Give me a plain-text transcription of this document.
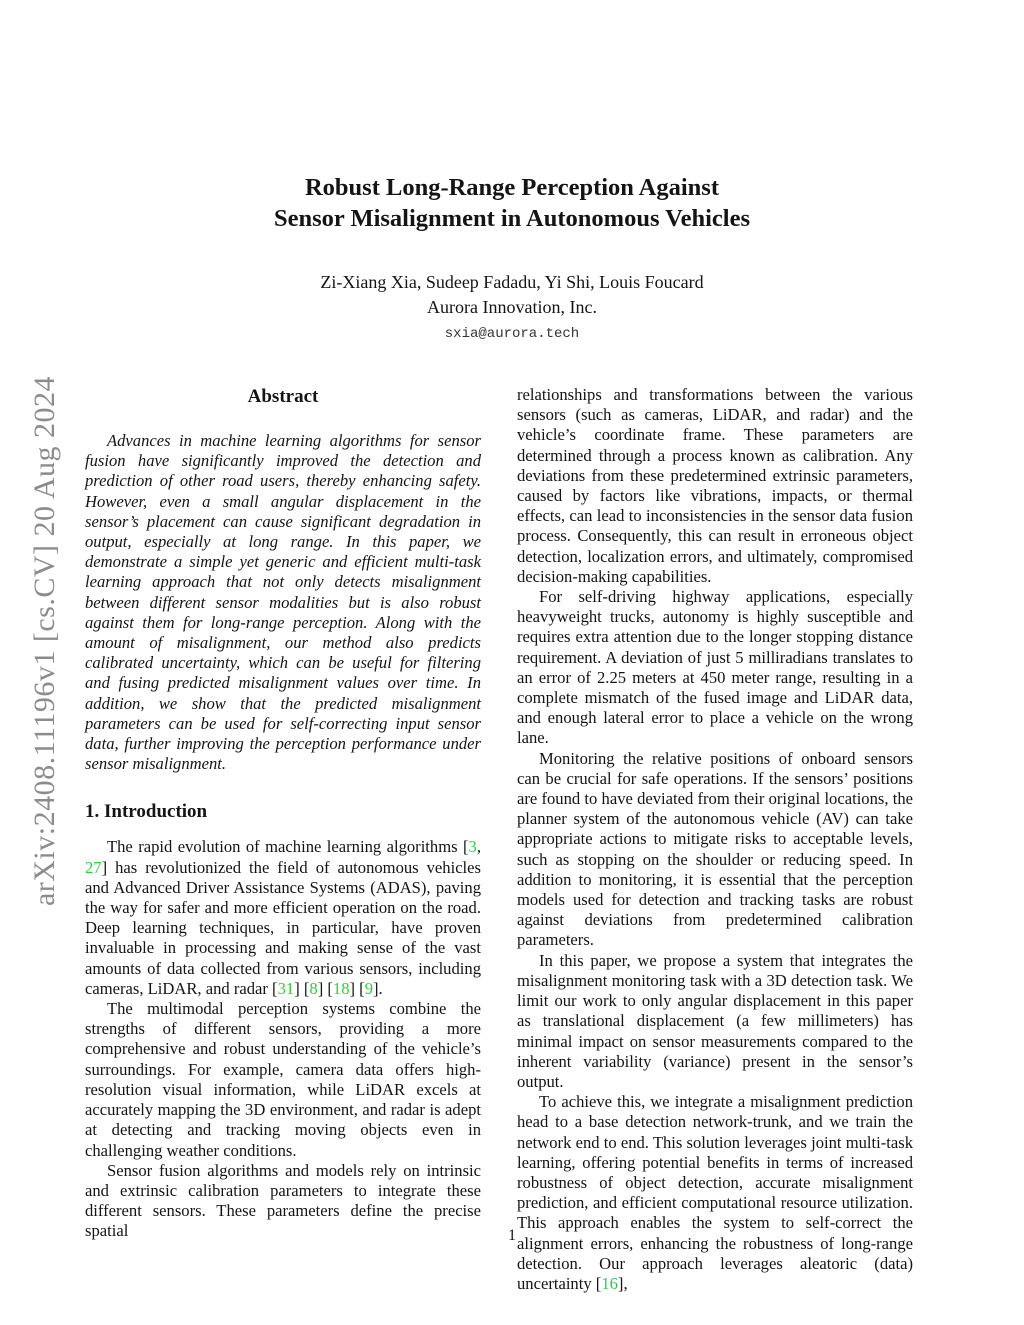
arXiv:2408.11196v1 [cs.CV] 20 Aug 2024
Robust Long-Range Perception Against
Sensor Misalignment in Autonomous Vehicles
Zi-Xiang Xia, Sudeep Fadadu, Yi Shi, Louis Foucard
Aurora Innovation, Inc.
sxia@aurora.tech
Abstract

Advances in machine learning algorithms for sensor fusion have significantly improved the detection and prediction of other road users, thereby enhancing safety. However, even a small angular displacement in the sensor’s placement can cause significant degradation in output, especially at long range. In this paper, we demonstrate a simple yet generic and efficient multi-task learning approach that not only detects misalignment between different sensor modalities but is also robust against them for long-range perception. Along with the amount of misalignment, our method also predicts calibrated uncertainty, which can be useful for filtering and fusing predicted misalignment values over time. In addition, we show that the predicted misalignment parameters can be used for self-correcting input sensor data, further improving the perception performance under sensor misalignment.

1. Introduction

The rapid evolution of machine learning algorithms [3, 27] has revolutionized the field of autonomous vehicles and Advanced Driver Assistance Systems (ADAS), paving the way for safer and more efficient operation on the road. Deep learning techniques, in particular, have proven invaluable in processing and making sense of the vast amounts of data collected from various sensors, including cameras, LiDAR, and radar [31] [8] [18] [9].

The multimodal perception systems combine the strengths of different sensors, providing a more comprehensive and robust understanding of the vehicle’s surroundings. For example, camera data offers high-resolution visual information, while LiDAR excels at accurately mapping the 3D environment, and radar is adept at detecting and tracking moving objects even in challenging weather conditions.

Sensor fusion algorithms and models rely on intrinsic and extrinsic calibration parameters to integrate these different sensors. These parameters define the precise spatial

relationships and transformations between the various sensors (such as cameras, LiDAR, and radar) and the vehicle’s coordinate frame. These parameters are determined through a process known as calibration. Any deviations from these predetermined extrinsic parameters, caused by factors like vibrations, impacts, or thermal effects, can lead to inconsistencies in the sensor data fusion process. Consequently, this can result in erroneous object detection, localization errors, and ultimately, compromised decision-making capabilities.

For self-driving highway applications, especially heavyweight trucks, autonomy is highly susceptible and requires extra attention due to the longer stopping distance requirement. A deviation of just 5 milliradians translates to an error of 2.25 meters at 450 meter range, resulting in a complete mismatch of the fused image and LiDAR data, and enough lateral error to place a vehicle on the wrong lane.

Monitoring the relative positions of onboard sensors can be crucial for safe operations. If the sensors’ positions are found to have deviated from their original locations, the planner system of the autonomous vehicle (AV) can take appropriate actions to mitigate risks to acceptable levels, such as stopping on the shoulder or reducing speed. In addition to monitoring, it is essential that the perception models used for detection and tracking tasks are robust against deviations from predetermined calibration parameters.

In this paper, we propose a system that integrates the misalignment monitoring task with a 3D detection task. We limit our work to only angular displacement in this paper as translational displacement (a few millimeters) has minimal impact on sensor measurements compared to the inherent variability (variance) present in the sensor’s output.

To achieve this, we integrate a misalignment prediction head to a base detection network-trunk, and we train the network end to end. This solution leverages joint multi-task learning, offering potential benefits in terms of increased robustness of object detection, accurate misalignment prediction, and efficient computational resource utilization. This approach enables the system to self-correct the alignment errors, enhancing the robustness of long-range detection. Our approach leverages aleatoric (data) uncertainty [16],

1
